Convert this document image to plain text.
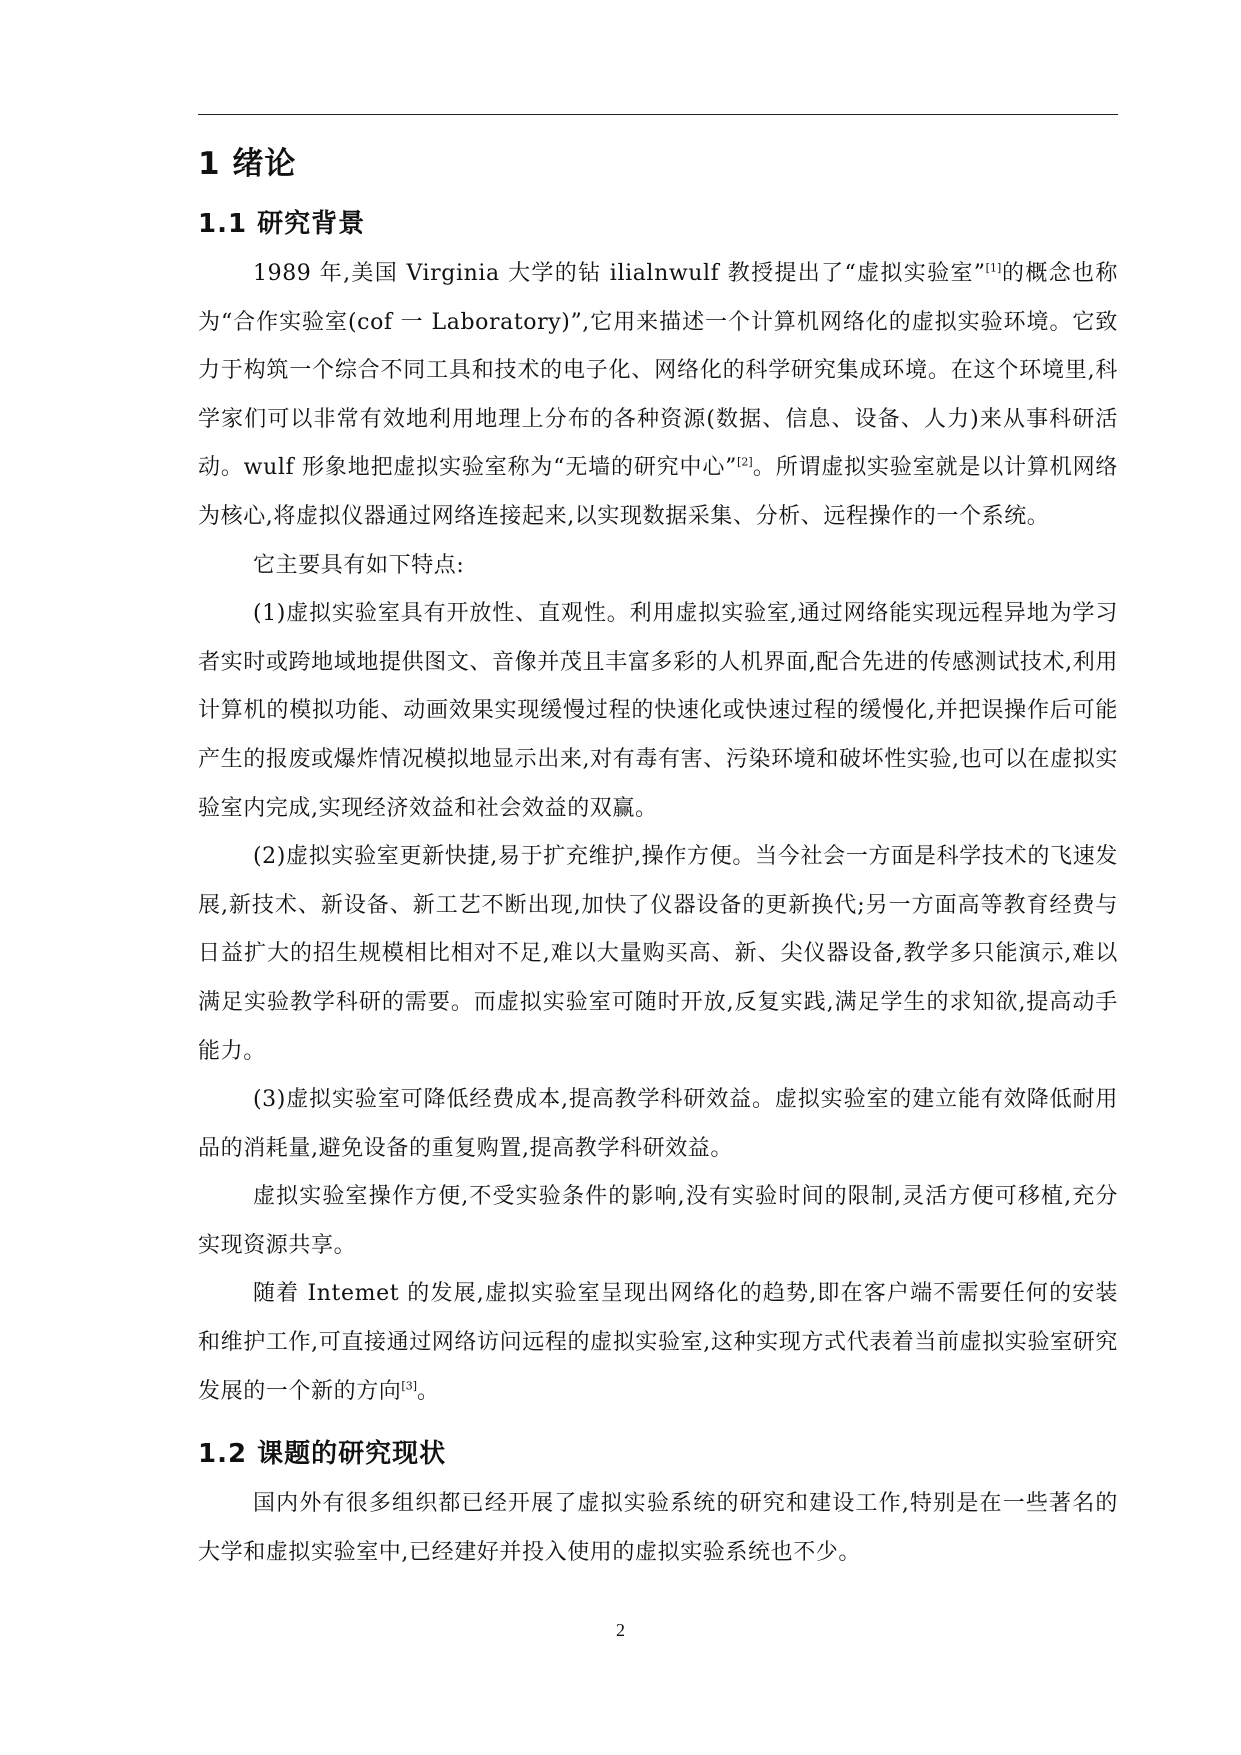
1 绪论
1.1 研究背景

1989 年,美国 Virginia 大学的钻 ilialnwulf 教授提出了“虚拟实验室”[1]的概念也称为“合作实验室(cof 一 Laboratory)”,它用来描述一个计算机网络化的虚拟实验环境。它致力于构筑一个综合不同工具和技术的电子化、网络化的科学研究集成环境。在这个环境里,科学家们可以非常有效地利用地理上分布的各种资源(数据、信息、设备、人力)来从事科研活动。wulf 形象地把虚拟实验室称为“无墙的研究中心”[2]。所谓虚拟实验室就是以计算机网络为核心,将虚拟仪器通过网络连接起来,以实现数据采集、分析、远程操作的一个系统。

它主要具有如下特点:

(1)虚拟实验室具有开放性、直观性。利用虚拟实验室,通过网络能实现远程异地为学习者实时或跨地域地提供图文、音像并茂且丰富多彩的人机界面,配合先进的传感测试技术,利用计算机的模拟功能、动画效果实现缓慢过程的快速化或快速过程的缓慢化,并把误操作后可能产生的报废或爆炸情况模拟地显示出来,对有毒有害、污染环境和破坏性实验,也可以在虚拟实验室内完成,实现经济效益和社会效益的双赢。

(2)虚拟实验室更新快捷,易于扩充维护,操作方便。当今社会一方面是科学技术的飞速发展,新技术、新设备、新工艺不断出现,加快了仪器设备的更新换代;另一方面高等教育经费与日益扩大的招生规模相比相对不足,难以大量购买高、新、尖仪器设备,教学多只能演示,难以满足实验教学科研的需要。而虚拟实验室可随时开放,反复实践,满足学生的求知欲,提高动手能力。

(3)虚拟实验室可降低经费成本,提高教学科研效益。虚拟实验室的建立能有效降低耐用品的消耗量,避免设备的重复购置,提高教学科研效益。

虚拟实验室操作方便,不受实验条件的影响,没有实验时间的限制,灵活方便可移植,充分实现资源共享。

随着 Intemet 的发展,虚拟实验室呈现出网络化的趋势,即在客户端不需要任何的安装和维护工作,可直接通过网络访问远程的虚拟实验室,这种实现方式代表着当前虚拟实验室研究发展的一个新的方向[3]。

1.2 课题的研究现状

国内外有很多组织都已经开展了虚拟实验系统的研究和建设工作,特别是在一些著名的大学和虚拟实验室中,已经建好并投入使用的虚拟实验系统也不少。

2
